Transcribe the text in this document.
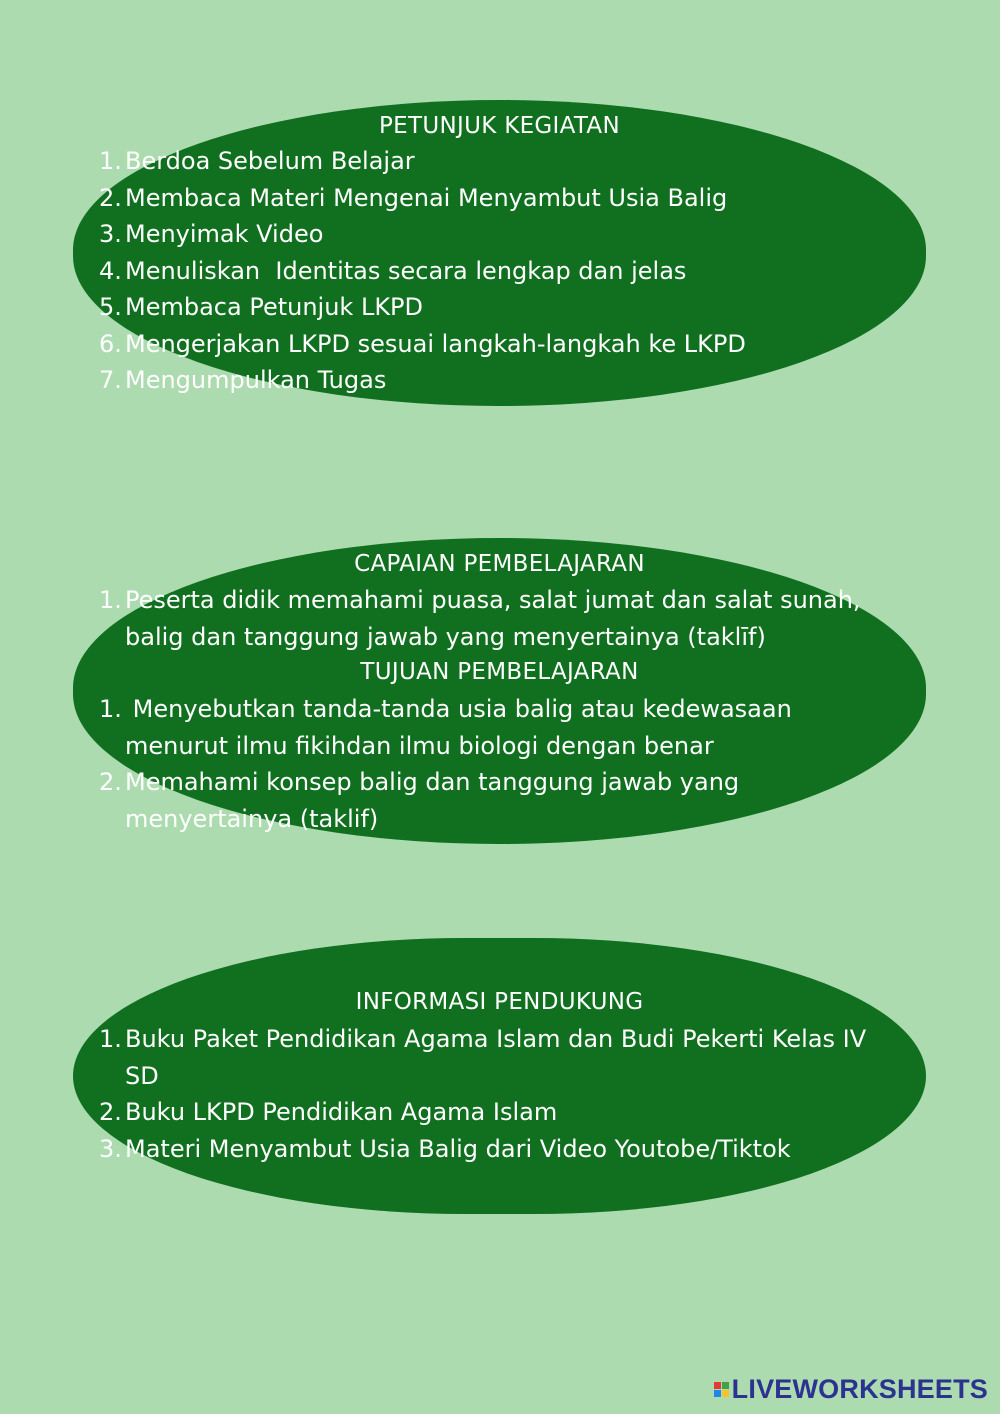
PETUNJUK KEGIATAN
1. Berdoa Sebelum Belajar
2. Membaca Materi Mengenai Menyambut Usia Balig
3. Menyimak Video
4. Menuliskan  Identitas secara lengkap dan jelas
5. Membaca Petunjuk LKPD
6. Mengerjakan LKPD sesuai langkah-langkah ke LKPD
7. Mengumpulkan Tugas
CAPAIAN PEMBELAJARAN
1. Peserta didik memahami puasa, salat jumat dan salat sunah, balig dan tanggung jawab yang menyertainya (taklīf)
TUJUAN PEMBELAJARAN
1. Menyebutkan tanda-tanda usia balig atau kedewasaan menurut ilmu fikihdan ilmu biologi dengan benar
2. Memahami konsep balig dan tanggung jawab yang menyertainya (taklif)
INFORMASI PENDUKUNG
1. Buku Paket Pendidikan Agama Islam dan Budi Pekerti Kelas IV SD
2. Buku LKPD Pendidikan Agama Islam
3. Materi Menyambut Usia Balig dari Video Youtobe/Tiktok
LIVEWORKSHEETS
